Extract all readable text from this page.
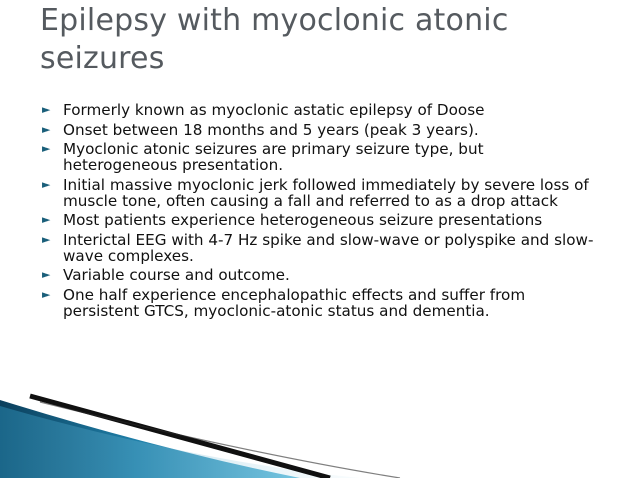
Epilepsy with myoclonic atonic seizures
► Formerly known as myoclonic astatic epilepsy of Doose
► Onset between 18 months and 5 years (peak 3 years).
► Myoclonic atonic seizures are primary seizure type, but heterogeneous presentation.
► Initial massive myoclonic jerk followed immediately by severe loss of muscle tone, often causing a fall and referred to as a drop attack
► Most patients experience heterogeneous seizure presentations
► Interictal EEG with 4-7 Hz spike and slow-wave or polyspike and slow-wave complexes.
► Variable course and outcome.
► One half experience encephalopathic effects and suffer from persistent GTCS, myoclonic-atonic status and dementia.
